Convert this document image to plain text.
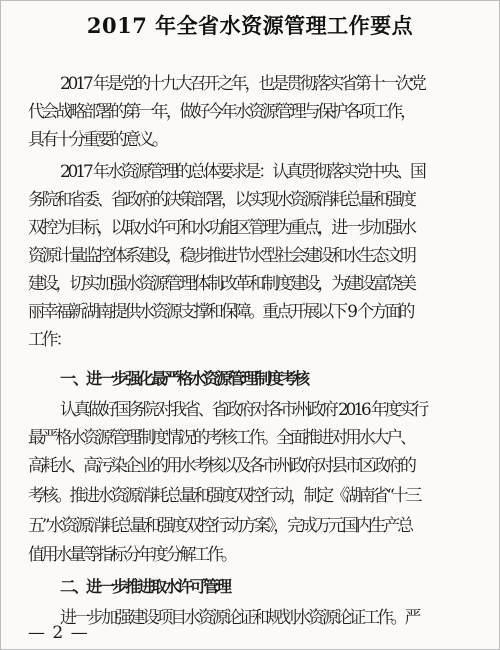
2017 年全省水资源管理工作要点
2017 年是党的十九大召开之年，也是贯彻落实省第十一次党
代会战略部署的第一年，做好今年水资源管理与保护各项工作，
具有十分重要的意义。
2017 年水资源管理的总体要求是：认真贯彻落实党中央、国
务院和省委、省政府的决策部署，以实现水资源消耗总量和强度
双控为目标，以取水许可和水功能区管理为重点，进一步加强水
资源计量监控体系建设，稳步推进节水型社会建设和水生态文明
建设，切实加强水资源管理体制改革和制度建设，为建设富饶美
丽幸福新湖南提供水资源支撑和保障。重点开展以下 9 个方面的
工作：
一、进一步强化最严格水资源管理制度考核
认真做好国务院对我省、省政府对各市州政府 2016 年度实行
最严格水资源管理制度情况的考核工作。全面推进对用水大户、
高耗水、高污染企业的用水考核以及各市州政府对县市区政府的
考核。推进水资源消耗总量和强度双控行动，制定《湖南省“十三
五”水资源消耗总量和强度双控行动方案》，完成万元国内生产总
值用水量等指标分年度分解工作。
二、进一步推进取水许可管理
进一步加强建设项目水资源论证和规划水资源论证工作。严
— 2 —
